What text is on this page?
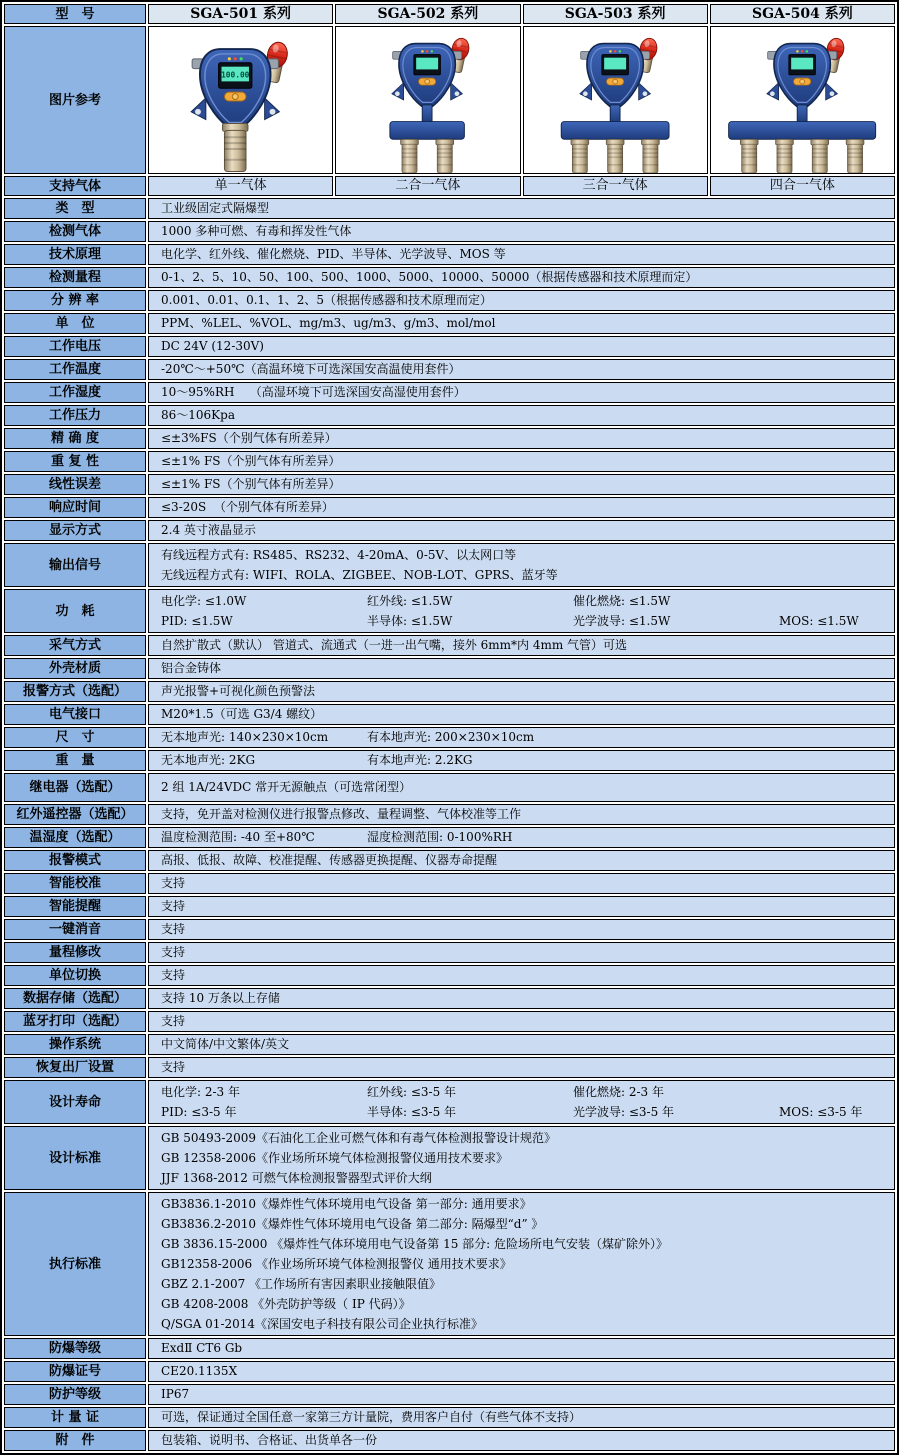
型　号	SGA-501 系列	SGA-502 系列	SGA-503 系列	SGA-504 系列
图片参考
100.00
支持气体	单一气体	二合一气体	三合一气体	四合一气体
类　型	工业级固定式隔爆型
检测气体	1000 多种可燃、有毒和挥发性气体
技术原理	电化学、红外线、催化燃烧、PID、半导体、光学波导、MOS 等
检测量程	0-1、2、5、10、50、100、500、1000、5000、10000、50000（根据传感器和技术原理而定）
分 辨 率	0.001、0.01、0.1、1、2、5（根据传感器和技术原理而定）
单　位	PPM、%LEL、%VOL、mg/m3、ug/m3、g/m3、mol/mol
工作电压	DC 24V (12-30V)
工作温度	-20℃～+50℃（高温环境下可选深国安高温使用套件）
工作湿度	10～95%RH    （高湿环境下可选深国安高湿使用套件）
工作压力	86～106Kpa
精 确 度	≤±3%FS（个别气体有所差异）
重 复 性	≤±1% FS（个别气体有所差异）
线性误差	≤±1% FS（个别气体有所差异）
响应时间	≤3-20S  （个别气体有所差异）
显示方式	2.4 英寸液晶显示
输出信号
有线远程方式有: RS485、RS232、4-20mA、0-5V、以太网口等
无线远程方式有: WIFI、ROLA、ZIGBEE、NOB-LOT、GPRS、蓝牙等
功　耗
电化学: ≤1.0W	红外线: ≤1.5W	催化燃烧: ≤1.5W
PID: ≤1.5W	半导体: ≤1.5W	光学波导: ≤1.5W	MOS: ≤1.5W
采气方式	自然扩散式（默认） 管道式、流通式（一进一出气嘴，接外 6mm*内 4mm 气管）可选
外壳材质	铝合金铸体
报警方式（选配）	声光报警+可视化颜色预警法
电气接口	M20*1.5（可选 G3/4 螺纹）
尺　寸	无本地声光: 140×230×10cm	有本地声光: 200×230×10cm
重　量	无本地声光: 2KG	有本地声光: 2.2KG
继电器（选配）	2 组 1A/24VDC 常开无源触点（可选常闭型）
红外遥控器（选配）	支持，免开盖对检测仪进行报警点修改、量程调整、气体校准等工作
温湿度（选配）	温度检测范围: -40 至+80℃	湿度检测范围: 0-100%RH
报警模式	高报、低报、故障、校准提醒、传感器更换提醒、仪器寿命提醒
智能校准	支持
智能提醒	支持
一键消音	支持
量程修改	支持
单位切换	支持
数据存储（选配）	支持 10 万条以上存储
蓝牙打印（选配）	支持
操作系统	中文简体/中文繁体/英文
恢复出厂设置	支持
设计寿命
电化学: 2-3 年	红外线: ≤3-5 年	催化燃烧: 2-3 年
PID: ≤3-5 年	半导体: ≤3-5 年	光学波导: ≤3-5 年	MOS: ≤3-5 年
设计标准
GB 50493-2009《石油化工企业可燃气体和有毒气体检测报警设计规范》
GB 12358-2006《作业场所环境气体检测报警仪通用技术要求》
JJF 1368-2012 可燃气体检测报警器型式评价大纲
执行标准
GB3836.1-2010《爆炸性气体环境用电气设备 第一部分: 通用要求》
GB3836.2-2010《爆炸性气体环境用电气设备 第二部分: 隔爆型“d” 》
GB 3836.15-2000 《爆炸性气体环境用电气设备第 15 部分: 危险场所电气安装（煤矿除外）》
GB12358-2006 《作业场所环境气体检测报警仪 通用技术要求》
GBZ 2.1-2007 《工作场所有害因素职业接触限值》
GB 4208-2008 《外壳防护等级（ IP 代码）》
Q/SGA 01-2014《深国安电子科技有限公司企业执行标准》
防爆等级	ExdⅡ CT6 Gb
防爆证号	CE20.1135X
防护等级	IP67
计 量 证	可选，保证通过全国任意一家第三方计量院，费用客户自付（有些气体不支持）
附　件	包装箱、说明书、合格证、出货单各一份
